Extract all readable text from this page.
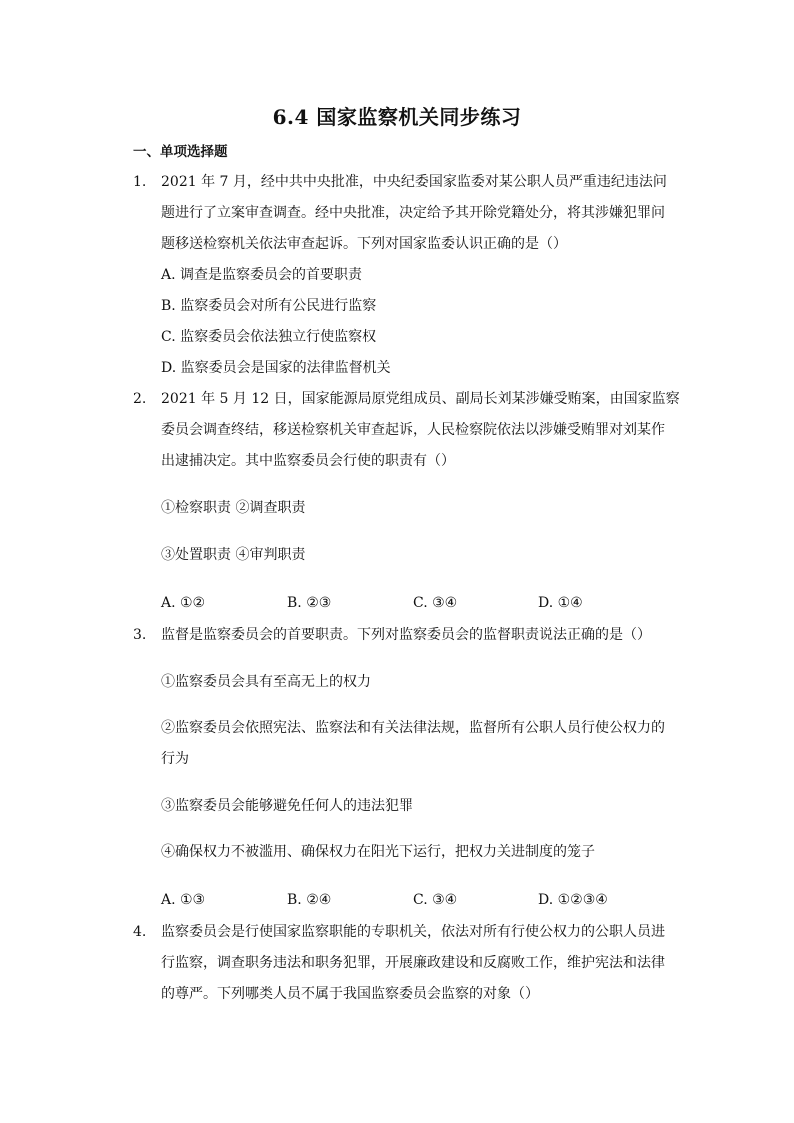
6.4 国家监察机关同步练习
一、单项选择题
1. 2021 年 7 月，经中共中央批准，中央纪委国家监委对某公职人员严重违纪违法问
题进行了立案审查调查。经中央批准，决定给予其开除党籍处分，将其涉嫌犯罪问
题移送检察机关依法审查起诉。下列对国家监委认识正确的是（）
A. 调查是监察委员会的首要职责
B. 监察委员会对所有公民进行监察
C. 监察委员会依法独立行使监察权
D. 监察委员会是国家的法律监督机关
2. 2021 年 5 月 12 日，国家能源局原党组成员、副局长刘某涉嫌受贿案，由国家监察
委员会调查终结，移送检察机关审查起诉，人民检察院依法以涉嫌受贿罪对刘某作
出逮捕决定。其中监察委员会行使的职责有（）
①检察职责 ②调查职责
③处置职责 ④审判职责
A. ①②	B. ②③	C. ③④	D. ①④
3. 监督是监察委员会的首要职责。下列对监察委员会的监督职责说法正确的是（）
①监察委员会具有至高无上的权力
②监察委员会依照宪法、监察法和有关法律法规，监督所有公职人员行使公权力的
行为
③监察委员会能够避免任何人的违法犯罪
④确保权力不被滥用、确保权力在阳光下运行，把权力关进制度的笼子
A. ①③	B. ②④	C. ③④	D. ①②③④
4. 监察委员会是行使国家监察职能的专职机关，依法对所有行使公权力的公职人员进
行监察，调查职务违法和职务犯罪，开展廉政建设和反腐败工作，维护宪法和法律
的尊严。下列哪类人员不属于我国监察委员会监察的对象（）
